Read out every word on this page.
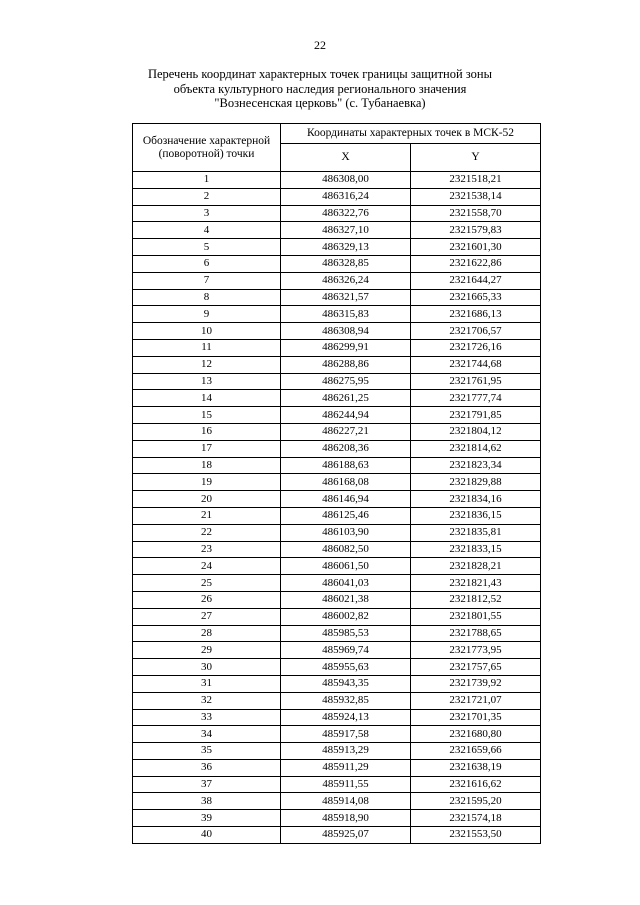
22
Перечень координат характерных точек границы защитной зоны
объекта культурного наследия регионального значения
"Вознесенская церковь" (с. Тубанаевка)
Обозначение характерной (поворотной) точки	Координаты характерных точек в МСК-52	
	X	Y
1	486308,00	2321518,21
2	486316,24	2321538,14
3	486322,76	2321558,70
4	486327,10	2321579,83
5	486329,13	2321601,30
6	486328,85	2321622,86
7	486326,24	2321644,27
8	486321,57	2321665,33
9	486315,83	2321686,13
10	486308,94	2321706,57
11	486299,91	2321726,16
12	486288,86	2321744,68
13	486275,95	2321761,95
14	486261,25	2321777,74
15	486244,94	2321791,85
16	486227,21	2321804,12
17	486208,36	2321814,62
18	486188,63	2321823,34
19	486168,08	2321829,88
20	486146,94	2321834,16
21	486125,46	2321836,15
22	486103,90	2321835,81
23	486082,50	2321833,15
24	486061,50	2321828,21
25	486041,03	2321821,43
26	486021,38	2321812,52
27	486002,82	2321801,55
28	485985,53	2321788,65
29	485969,74	2321773,95
30	485955,63	2321757,65
31	485943,35	2321739,92
32	485932,85	2321721,07
33	485924,13	2321701,35
34	485917,58	2321680,80
35	485913,29	2321659,66
36	485911,29	2321638,19
37	485911,55	2321616,62
38	485914,08	2321595,20
39	485918,90	2321574,18
40	485925,07	2321553,50
